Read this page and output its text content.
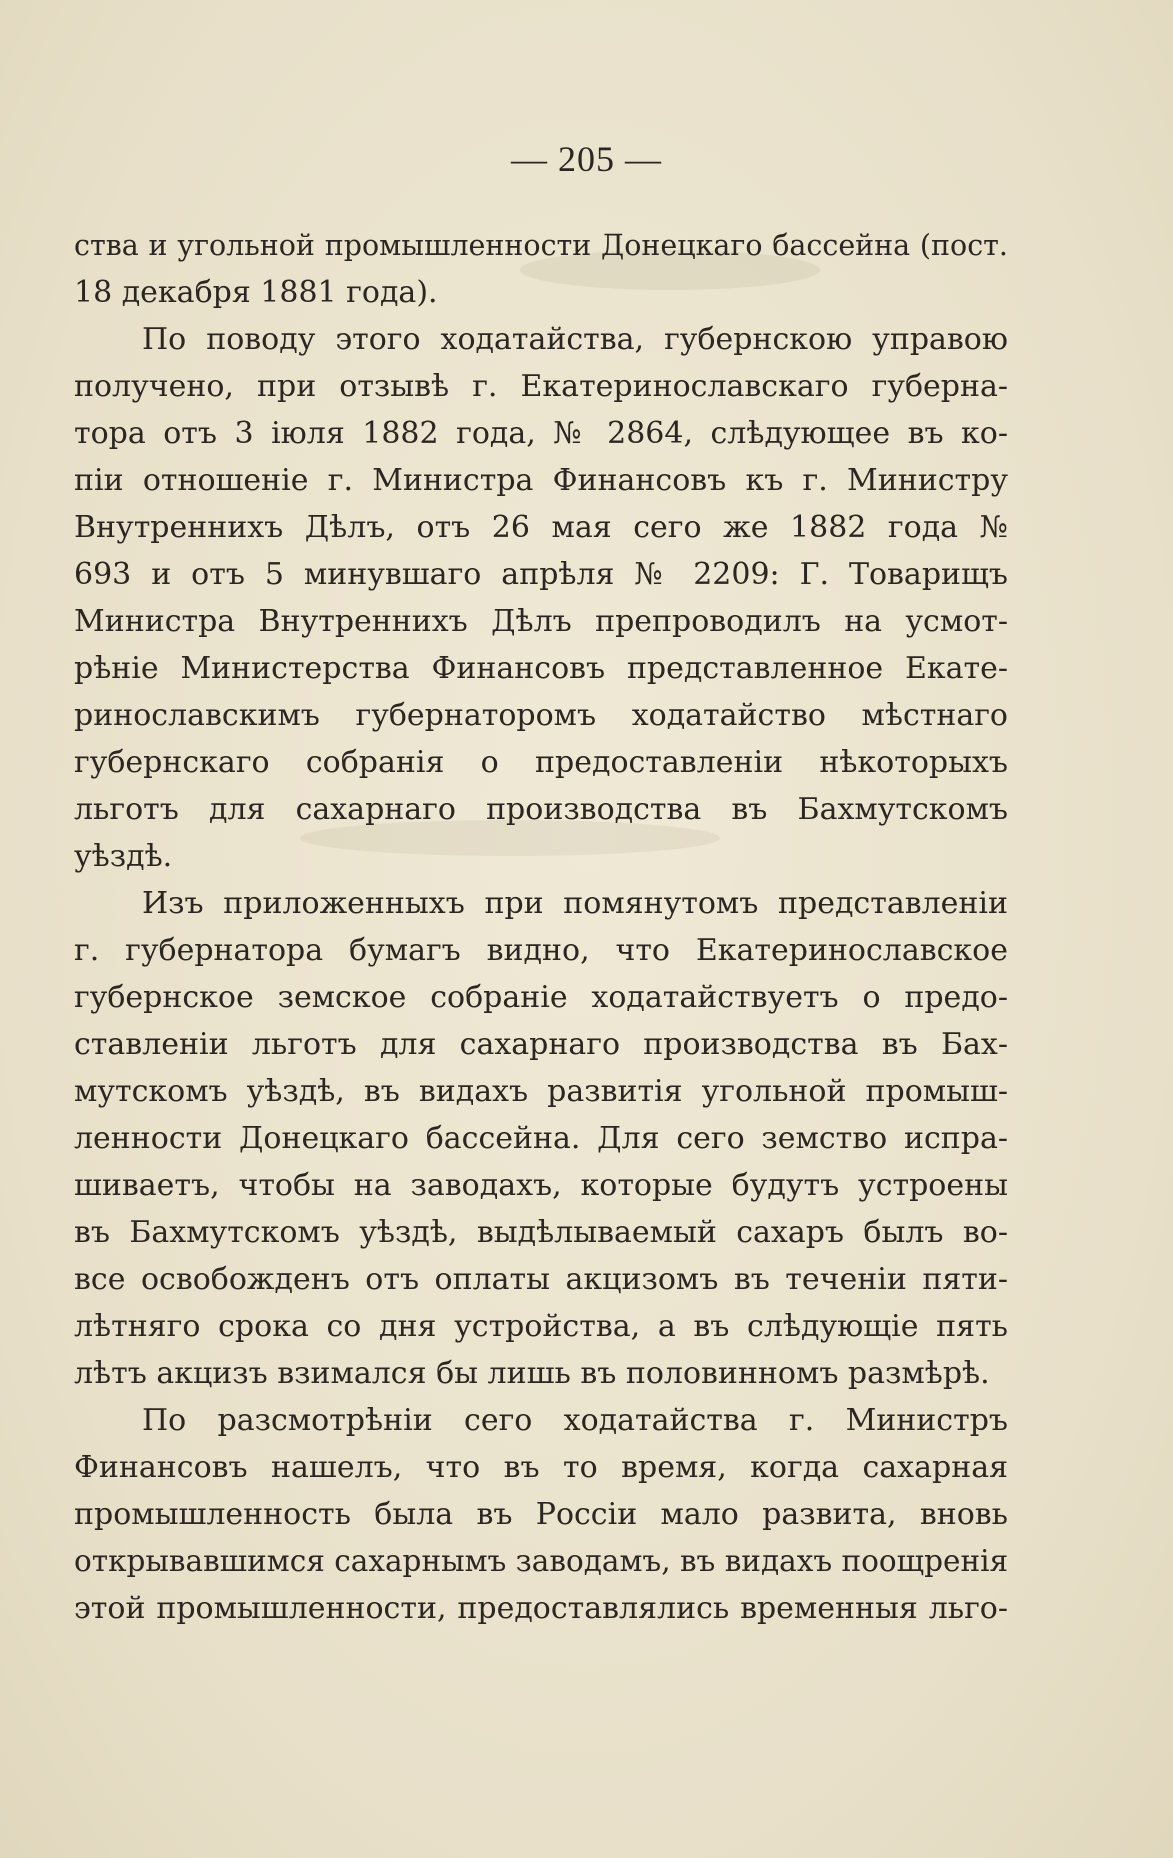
— 205 —
ства и угольной промышленности Донецкаго бассейна (пост.
18 декабря 1881 года).
По поводу этого ходатайства, губернскою управою
получено, при отзывѣ г. Екатеринославскаго губерна-
тора отъ 3 іюля 1882 года, № 2864, слѣдующее въ ко-
піи отношеніе г. Министра Финансовъ къ г. Министру
Внутреннихъ Дѣлъ, отъ 26 мая сего же 1882 года №
693 и отъ 5 минувшаго апрѣля № 2209: Г. Товарищъ
Министра Внутреннихъ Дѣлъ препроводилъ на усмот-
рѣніе Министерства Финансовъ представленное Екате-
ринославскимъ губернаторомъ ходатайство мѣстнаго
губернскаго собранія о предоставленіи нѣкоторыхъ
льготъ для сахарнаго производства въ Бахмутскомъ
уѣздѣ.
Изъ приложенныхъ при помянутомъ представленіи
г. губернатора бумагъ видно, что Екатеринославское
губернское земское собраніе ходатайствуетъ о предо-
ставленіи льготъ для сахарнаго производства въ Бах-
мутскомъ уѣздѣ, въ видахъ развитія угольной промыш-
ленности Донецкаго бассейна. Для сего земство испра-
шиваетъ, чтобы на заводахъ, которые будутъ устроены
въ Бахмутскомъ уѣздѣ, выдѣлываемый сахаръ былъ во-
все освобожденъ отъ оплаты акцизомъ въ теченіи пяти-
лѣтняго срока со дня устройства, а въ слѣдующіе пять
лѣтъ акцизъ взимался бы лишь въ половинномъ размѣрѣ.
По разсмотрѣніи сего ходатайства г. Министръ
Финансовъ нашелъ, что въ то время, когда сахарная
промышленность была въ Россіи мало развита, вновь
открывавшимся сахарнымъ заводамъ, въ видахъ поощренія
этой промышленности, предоставлялись временныя льго-
